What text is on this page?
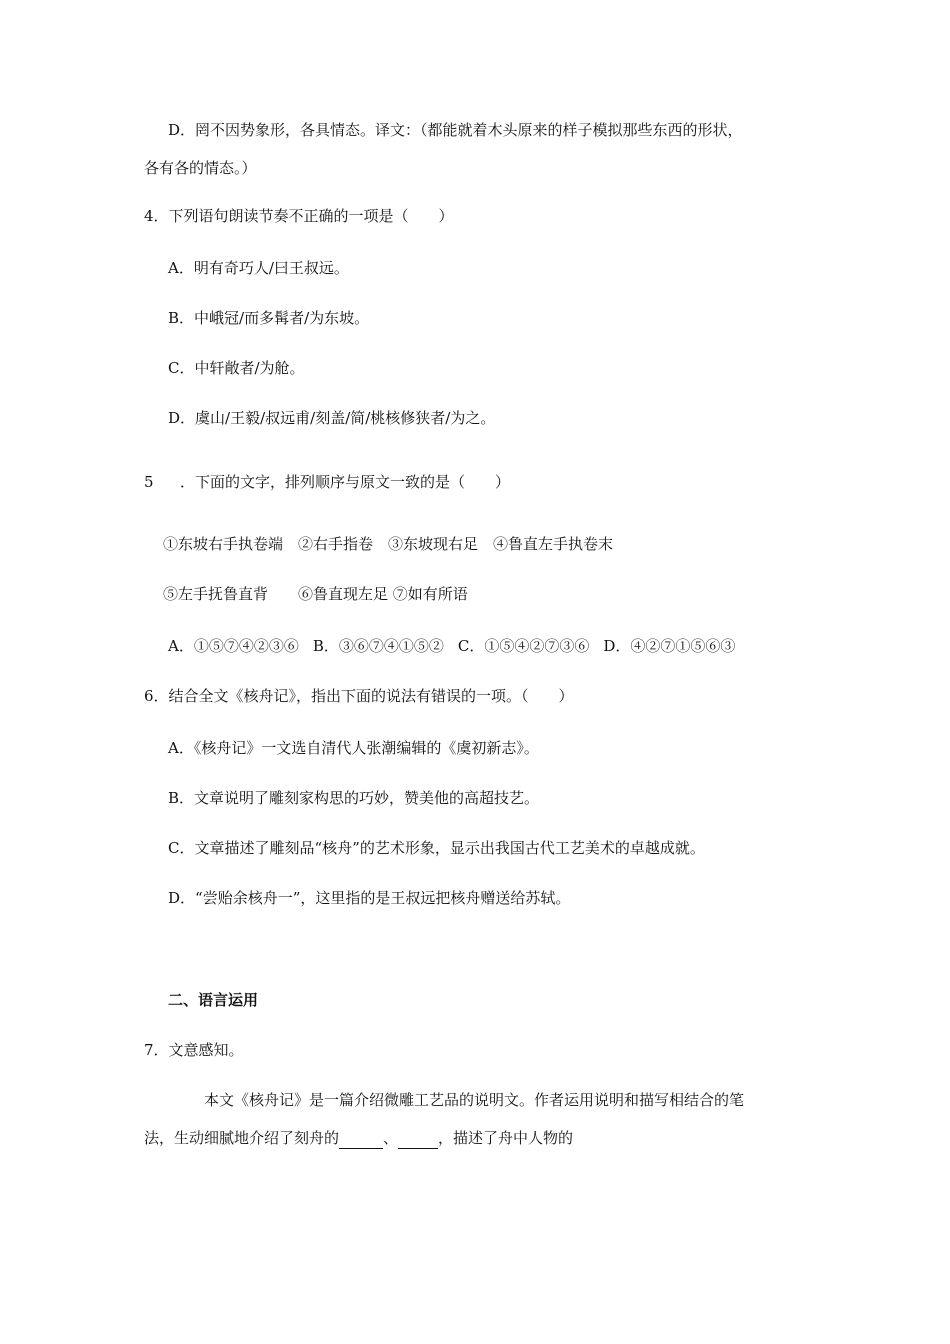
D．罔不因势象形，各具情态。译文：（都能就着木头原来的样子模拟那些东西的形状，
各有各的情态。）
4．下列语句朗读节奏不正确的一项是（　　）
A．明有奇巧人/曰王叔远。
B．中峨冠/而多髯者/为东坡。
C．中轩敞者/为舱。
D．虞山/王毅/叔远甫/刻盖/简/桃核修狭者/为之。
5 ．下面的文字，排列顺序与原文一致的是（　　）
①东坡右手执卷端　②右手指卷　③东坡现右足　④鲁直左手执卷末
⑤左手抚鲁直背　　⑥鲁直现左足 ⑦如有所语
A．①⑤⑦④②③⑥ B．③⑥⑦④①⑤② C．①⑤④②⑦③⑥ D．④②⑦①⑤⑥③
6．结合全文《核舟记》，指出下面的说法有错误的一项。（　　）
A．《核舟记》一文选自清代人张潮编辑的《虞初新志》。
B．文章说明了雕刻家构思的巧妙，赞美他的高超技艺。
C．文章描述了雕刻品“核舟”的艺术形象，显示出我国古代工艺美术的卓越成就。
D．“尝贻余核舟一”，这里指的是王叔远把核舟赠送给苏轼。
二、语言运用
7．文意感知。
本文《核舟记》是一篇介绍微雕工艺品的说明文。作者运用说明和描写相结合的笔
法，生动细腻地介绍了刻舟的	、	，描述了舟中人物的
